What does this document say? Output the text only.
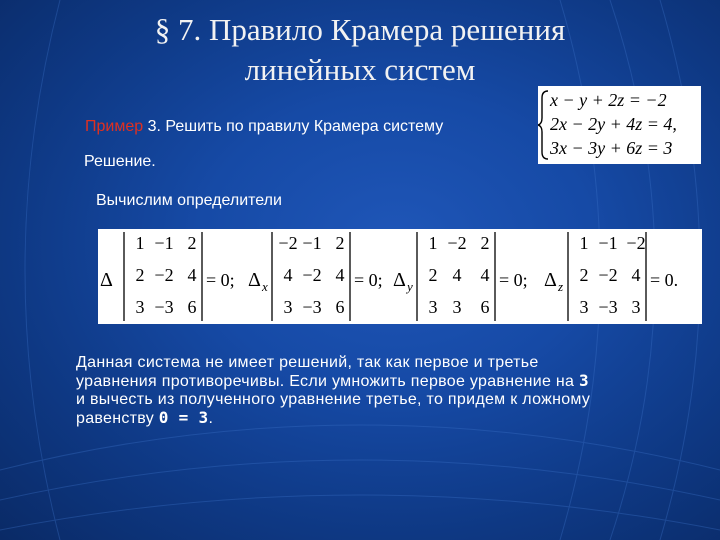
§ 7. Правило Крамера решения
линейных систем
Пример 3. Решить по правилу Крамера систему
x − y + 2z = −2
2x − 2y + 4z = 4,
3x − 3y + 6z = 3
Решение.
Вычислим определители
Δ
1 −1 2
2 −2 4
3 −3 6
= 0; Δ x
−2 −1 2
4 −2 4
3 −3 6
= 0; Δ y
1 −2 2
2 4 4
3 3 6
= 0; Δ z
1 −1 −2
2 −2 4
3 −3 3
= 0.

Данная система не имеет решений, так как первое и третье

уравнения противоречивы. Если умножить первое уравнение на 3

и вычесть из полученного уравнение третье, то придем к ложному

равенству 0 = 3.
